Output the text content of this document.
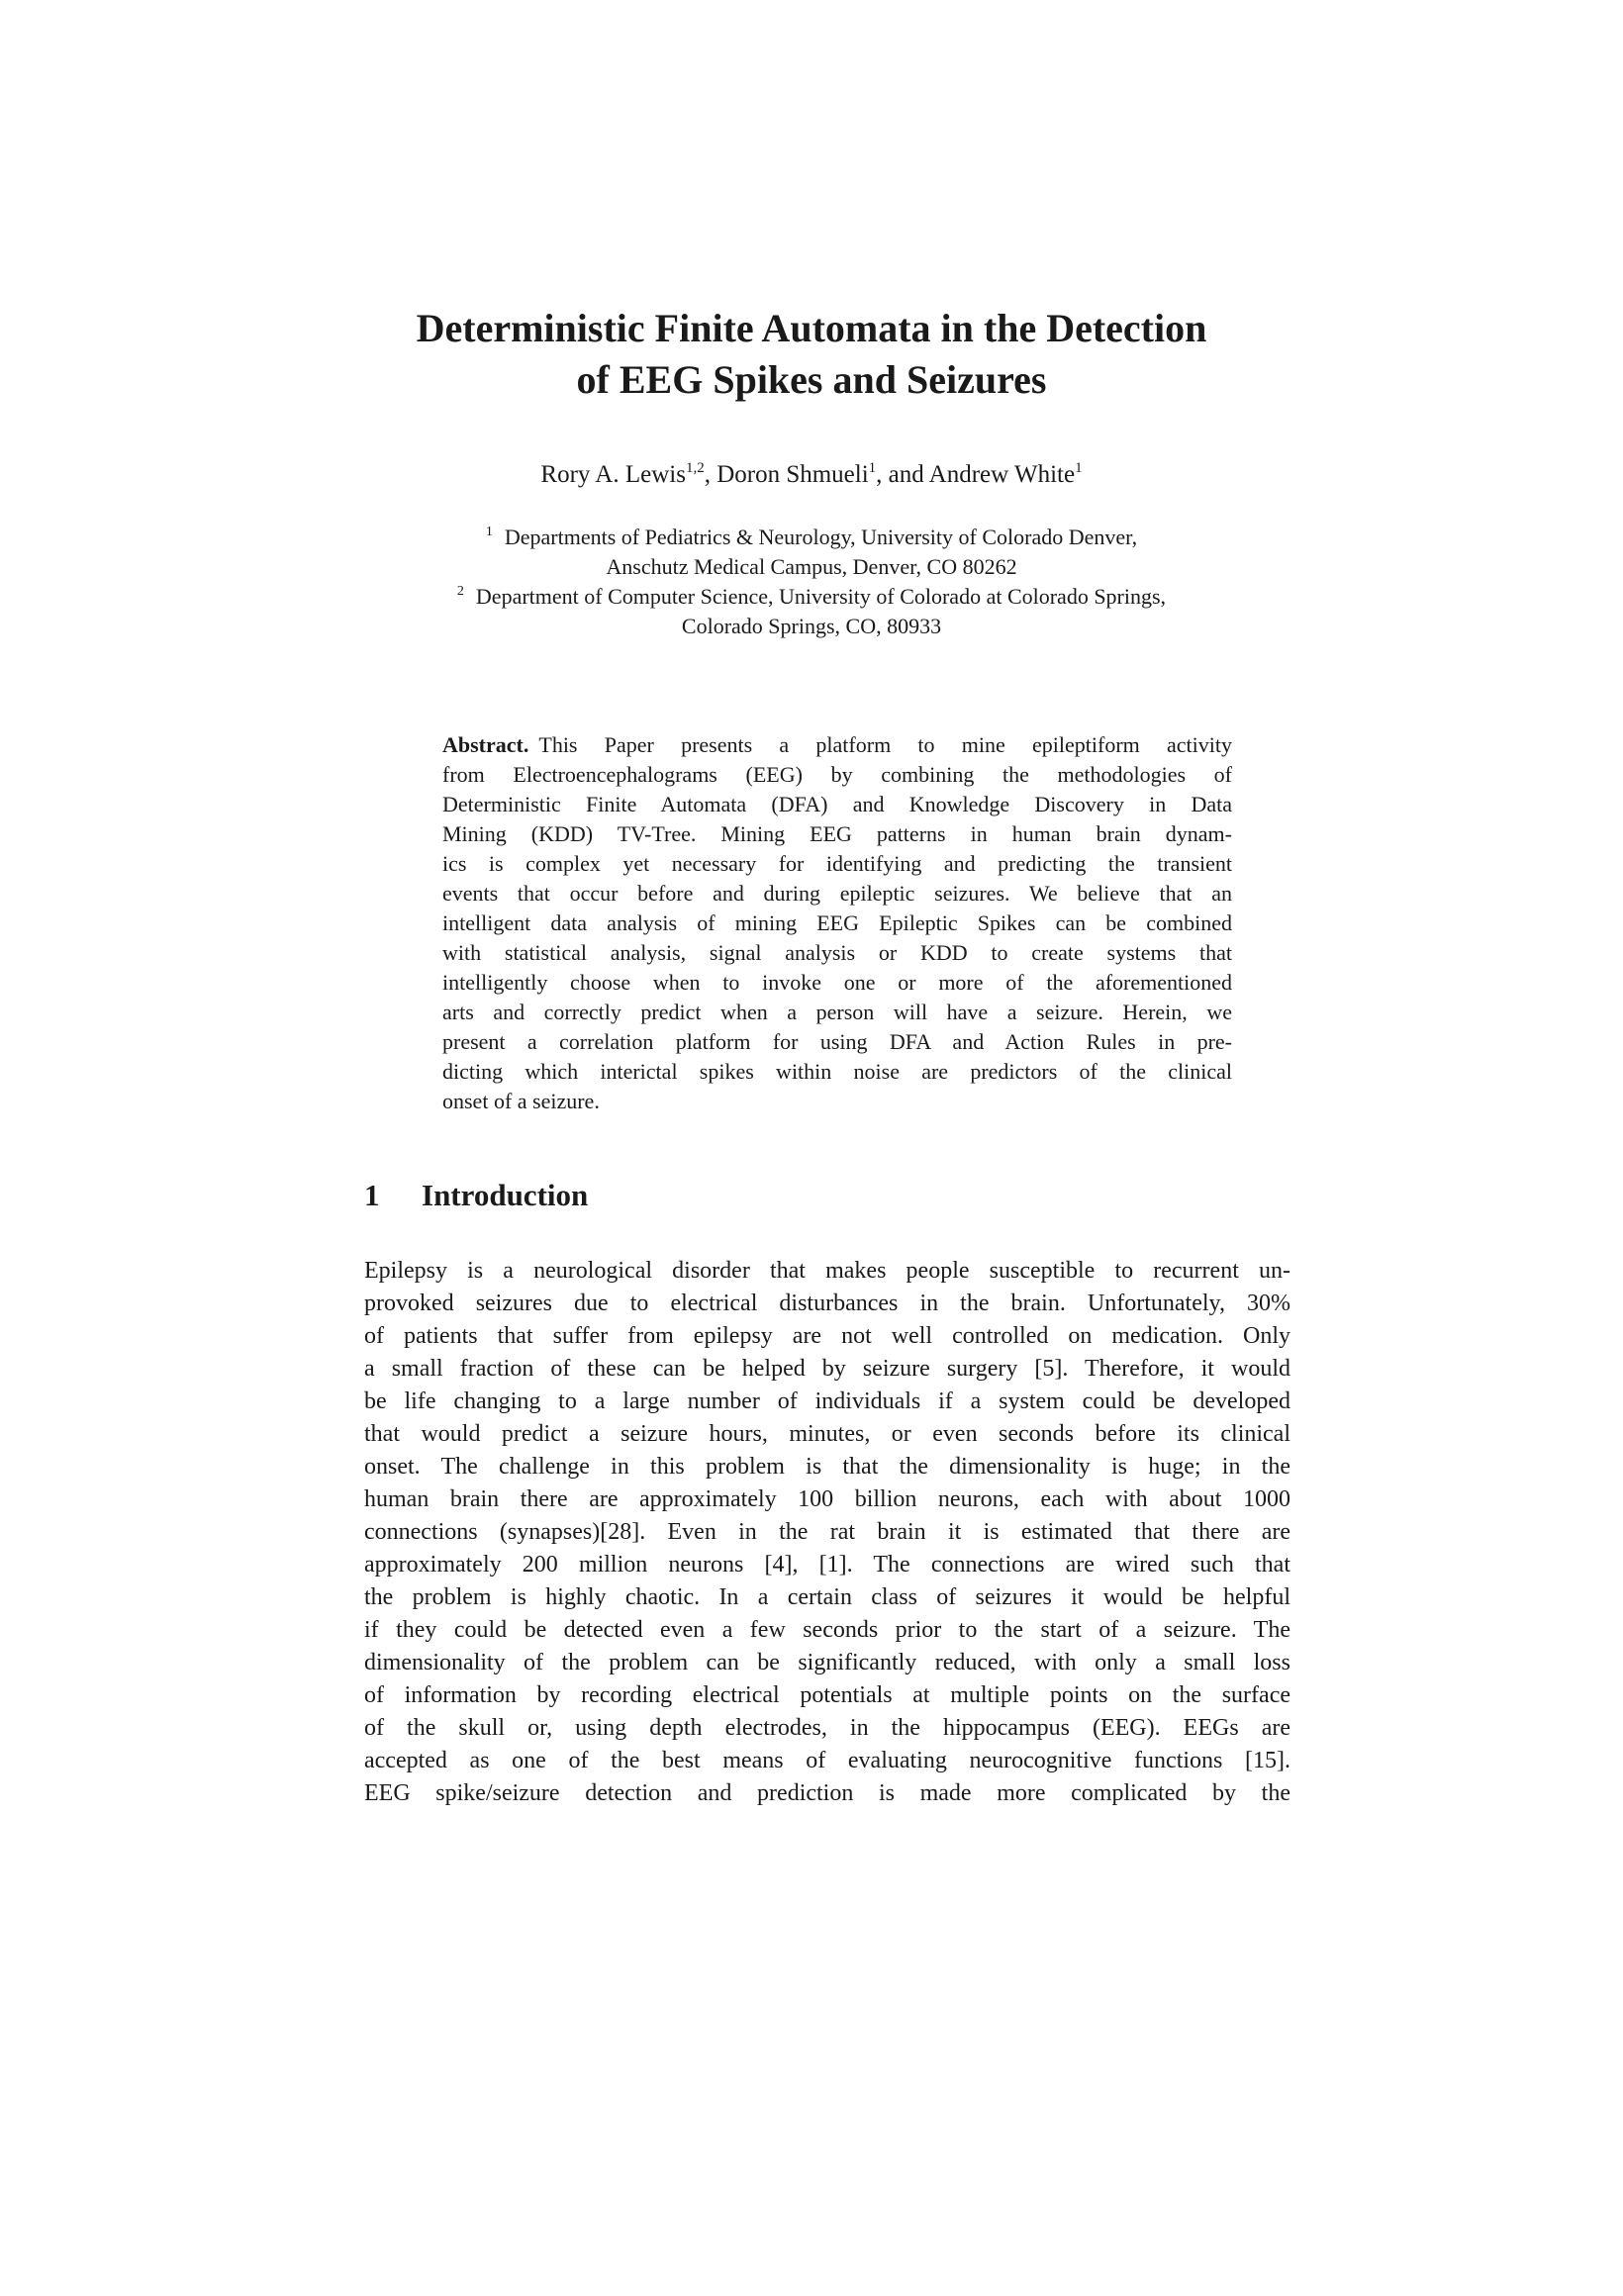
Deterministic Finite Automata in the Detection
of EEG Spikes and Seizures
Rory A. Lewis$^{1,2}$, Doron Shmueli$^1$, and Andrew White$^1$
$^1$ Departments of Pediatrics & Neurology, University of Colorado Denver,
Anschutz Medical Campus, Denver, CO 80262
$^2$ Department of Computer Science, University of Colorado at Colorado Springs,
Colorado Springs, CO, 80933
Abstract. This Paper presents a platform to mine epileptiform activity
from Electroencephalograms (EEG) by combining the methodologies of
Deterministic Finite Automata (DFA) and Knowledge Discovery in Data
Mining (KDD) TV-Tree. Mining EEG patterns in human brain dynam-
ics is complex yet necessary for identifying and predicting the transient
events that occur before and during epileptic seizures. We believe that an
intelligent data analysis of mining EEG Epileptic Spikes can be combined
with statistical analysis, signal analysis or KDD to create systems that
intelligently choose when to invoke one or more of the aforementioned
arts and correctly predict when a person will have a seizure. Herein, we
present a correlation platform for using DFA and Action Rules in pre-
dicting which interictal spikes within noise are predictors of the clinical
onset of a seizure.
1 Introduction
Epilepsy is a neurological disorder that makes people susceptible to recurrent un-
provoked seizures due to electrical disturbances in the brain. Unfortunately, 30%
of patients that suffer from epilepsy are not well controlled on medication. Only
a small fraction of these can be helped by seizure surgery [5]. Therefore, it would
be life changing to a large number of individuals if a system could be developed
that would predict a seizure hours, minutes, or even seconds before its clinical
onset. The challenge in this problem is that the dimensionality is huge; in the
human brain there are approximately 100 billion neurons, each with about 1000
connections (synapses)[28]. Even in the rat brain it is estimated that there are
approximately 200 million neurons [4], [1]. The connections are wired such that
the problem is highly chaotic. In a certain class of seizures it would be helpful
if they could be detected even a few seconds prior to the start of a seizure. The
dimensionality of the problem can be significantly reduced, with only a small loss
of information by recording electrical potentials at multiple points on the surface
of the skull or, using depth electrodes, in the hippocampus (EEG). EEGs are
accepted as one of the best means of evaluating neurocognitive functions [15].
EEG spike/seizure detection and prediction is made more complicated by the
